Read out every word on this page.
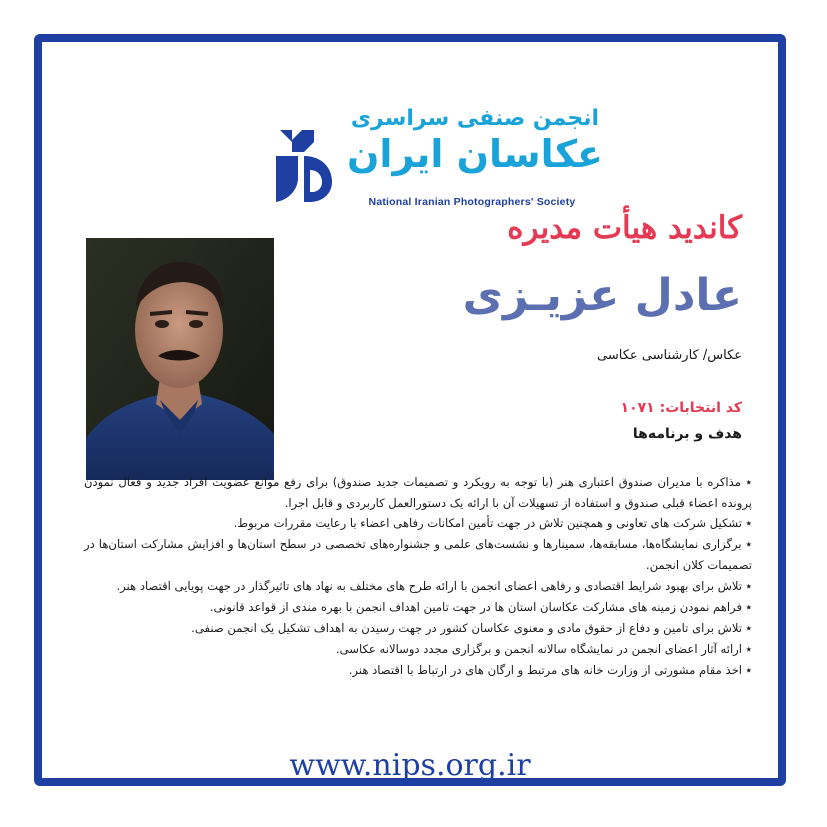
انجمن صنفی سراسری
عکاسان ایران
National Iranian Photographers' Society
کاندید هیأت مدیره
عادل عزیـزی
عکاس/ کارشناسی عکاسی
کد انتخابات: ۱۰۷۱
هدف و برنامه‌ها

٭ مذاکره با مدیران صندوق اعتباری هنر (با توجه به رویکرد و تصمیمات جدید صندوق) برای رفع موانع عضویت افراد جدید و فعال نمودن پرونده اعضاء قبلی صندوق و استفاده از تسهیلات آن با ارائه یک دستورالعمل کاربردی و قابل اجرا.

٭ تشکیل شرکت های تعاونی و همچنین تلاش در جهت تأمین امکانات رفاهی اعضاء با رعایت مقررات مربوط.

٭ برگزاری نمایشگاه‌ها، مسابقه‌ها، سمینارها و نشست‌های علمی و جشنواره‌های تخصصی در سطح استان‌ها و افزایش مشارکت استان‌ها در تصمیمات کلان انجمن.

٭ تلاش برای بهبود شرایط اقتصادی و رفاهی اعضای انجمن با ارائه طرح های مختلف به نهاد های تاثیرگذار در جهت پویایی اقتصاد هنر.

٭ فراهم نمودن زمینه های مشارکت عکاسان استان ها در جهت تامین اهداف انجمن با بهره مندی از قواعد قانونی.

٭ تلاش برای تامین و دفاع از حقوق مادی و معنوی عکاسان کشور در جهت رسیدن به اهداف تشکیل یک انجمن صنفی.

٭ ارائه آثار اعضای انجمن در نمایشگاه سالانه انجمن و برگزاری مجدد دوسالانه عکاسی.

٭ اخذ مقام مشورتی از وزارت خانه های مرتبط و ارگان های در ارتباط با اقتصاد هنر.

www.nips.org.ir
